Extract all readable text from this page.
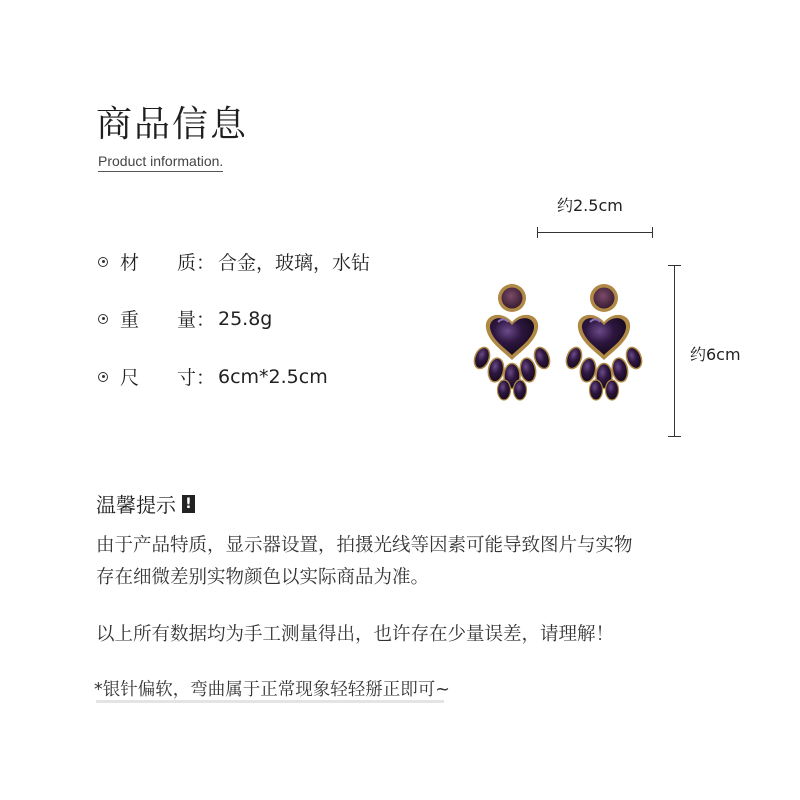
商品信息
Product information.
材　　质： 合金，玻璃，水钻
重　　量： 25.8g
尺　　寸： 6cm*2.5cm
约2.5cm
约6cm
温馨提示 !

由于产品特质，显示器设置，拍摄光线等因素可能导致图片与实物

存在细微差别实物颜色以实际商品为准。

以上所有数据均为手工测量得出，也许存在少量误差，请理解！

*银针偏软，弯曲属于正常现象轻轻掰正即可~
